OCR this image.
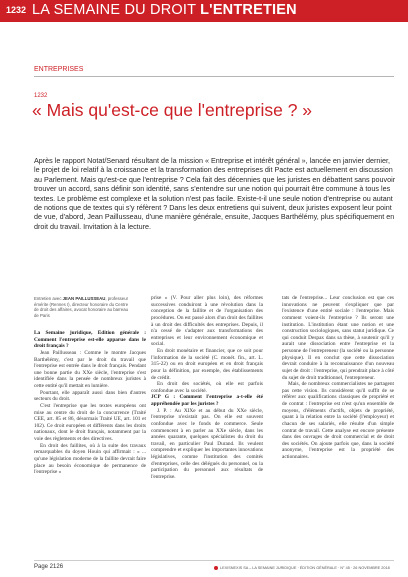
1232 LA SEMAINE DU DROIT L'ENTRETIEN
ENTREPRISES
1232
« Mais qu'est-ce que l'entreprise ? »

Après le rapport Notat/Senard résultant de la mission « Entreprise et intérêt général », lancée en janvier dernier, le projet de loi relatif à la croissance et la transformation des entreprises dit Pacte est actuellement en discussion au Parlement. Mais qu'est-ce que l'entreprise ? Cela fait des décennies que les juristes en débattent sans pouvoir trouver un accord, sans définir son identité, sans s'entendre sur une notion qui pourrait être commune à tous les textes. Le problème est complexe et la solution n'est pas facile. Existe-t-il une seule notion d'entreprise ou autant de notions que de textes qui s'y réfèrent ? Dans les deux entretiens qui suivent, deux juristes exposent leur point de vue, d'abord, Jean Paillusseau, d'une manière générale, ensuite, Jacques Barthélémy, plus spécifiquement en droit du travail. Invitation à la lecture.

Entretien avec JEAN PAILLUSSEAU, professeur émérite (Rennes I), directeur honoraire du Centre de droit des affaires, avocat honoraire au barreau de Paris

La Semaine juridique, Édition générale : Comment l'entreprise est-elle apparue dans le droit français ?

Jean Paillusseau : Comme le montre Jacques Barthélémy, c'est par le droit du travail que l'entreprise est entrée dans le droit français. Pendant une bonne partie du XXe siècle, l'entreprise s'est identifiée dans la pensée de nombreux juristes à cette entité qu'il mettait en lumière.

Pourtant, elle apparaît aussi dans bien d'autres secteurs du droit.

C'est l'entreprise que les textes européens ont mise au centre du droit de la concurrence (Traité CEE, art. 85 et 86, désormais Traité UE, art. 101 et 102). Ce droit européen et différents dans les droits nationaux, dont le droit français, notamment par la voie des règlements et des directives.

En droit des faillites, où à la suite des travaux remarquables du doyen Houin qui affirmait : « ... qu'une législation moderne de la faillite devrait faire place au besoin économique de permanence de l'entreprise »

prise » (V. Pour aller plus loin), des réformes successives conduiront à une révolution dans la conception de la faillite et de l'organisation des procédures. On est passé alors d'un droit des faillites à un droit des difficultés des entreprises. Depuis, il n'a cessé de s'adapter aux transformations des entreprises et leur environnement économique et social.

En droit monétaire et financier, que ce soit pour l'information de la société (C. monét. fin., art. L. 315-22) ou en droit européen et en droit français pour la définition, par exemple, des établissements de crédit.

En droit des sociétés, où elle est parfois confondue avec la société.

JCP G : Comment l'entreprise a-t-elle été appréhendée par les juristes ?

J. P. : Au XIXe et au début du XXe siècle, l'entreprise n'existait pas. On elle est souvent confondue avec le fonds de commerce. Seule commencent à en parler au XXe siècle, dans les années quarante, quelques spécialistes du droit du travail, en particulier Paul Durand. Ils veulent comprendre et expliquer les importantes innovations législatives, comme l'institution des comités d'entreprises, celle des délégués du personnel, ou la participation du personnel aux résultats de l'entreprise.

tats de l'entreprise... Leur conclusion est que ces innovations ne peuvent s'expliquer que par l'existence d'une entité sociale : l'entreprise. Mais comment voient-ils l'entreprise ? Ils seront une institution. L'institution étant une notion et une construction sociologiques, sans statut juridique. Ce qui conduit Despax dans sa thèse, à soutenir qu'il y aurait une dissociation entre l'entreprise et la personne de l'entrepreneur (la société ou la personne physique). Il en conclut que cette dissociation devrait conduire à la reconnaissance d'un nouveau sujet de droit : l'entreprise, qui prendrait place à côté du sujet de droit traditionnel, l'entrepreneur.

Mais, de nombreux commercialistes ne partagent pas cette vision. Ils considèrent qu'il suffit de se référer aux qualifications classiques de propriété et de contrat : l'entreprise est n'est qu'un ensemble de moyens, d'éléments d'actifs, objets de propriété, quant à la relation entre la société (l'employeur) et chacun de ses salariés, elle résulte d'un simple contrat de travail. Cette analyse est encore présente dans des ouvrages de droit commercial et de droit des sociétés. On ajoute parfois que, dans la société anonyme, l'entreprise est la propriété des actionnaires.

Page 2126	LEXISNEXIS SA – LA SEMAINE JURIDIQUE · ÉDITION GÉNÉRALE · N° 45 · 26 NOVEMBRE 2018
